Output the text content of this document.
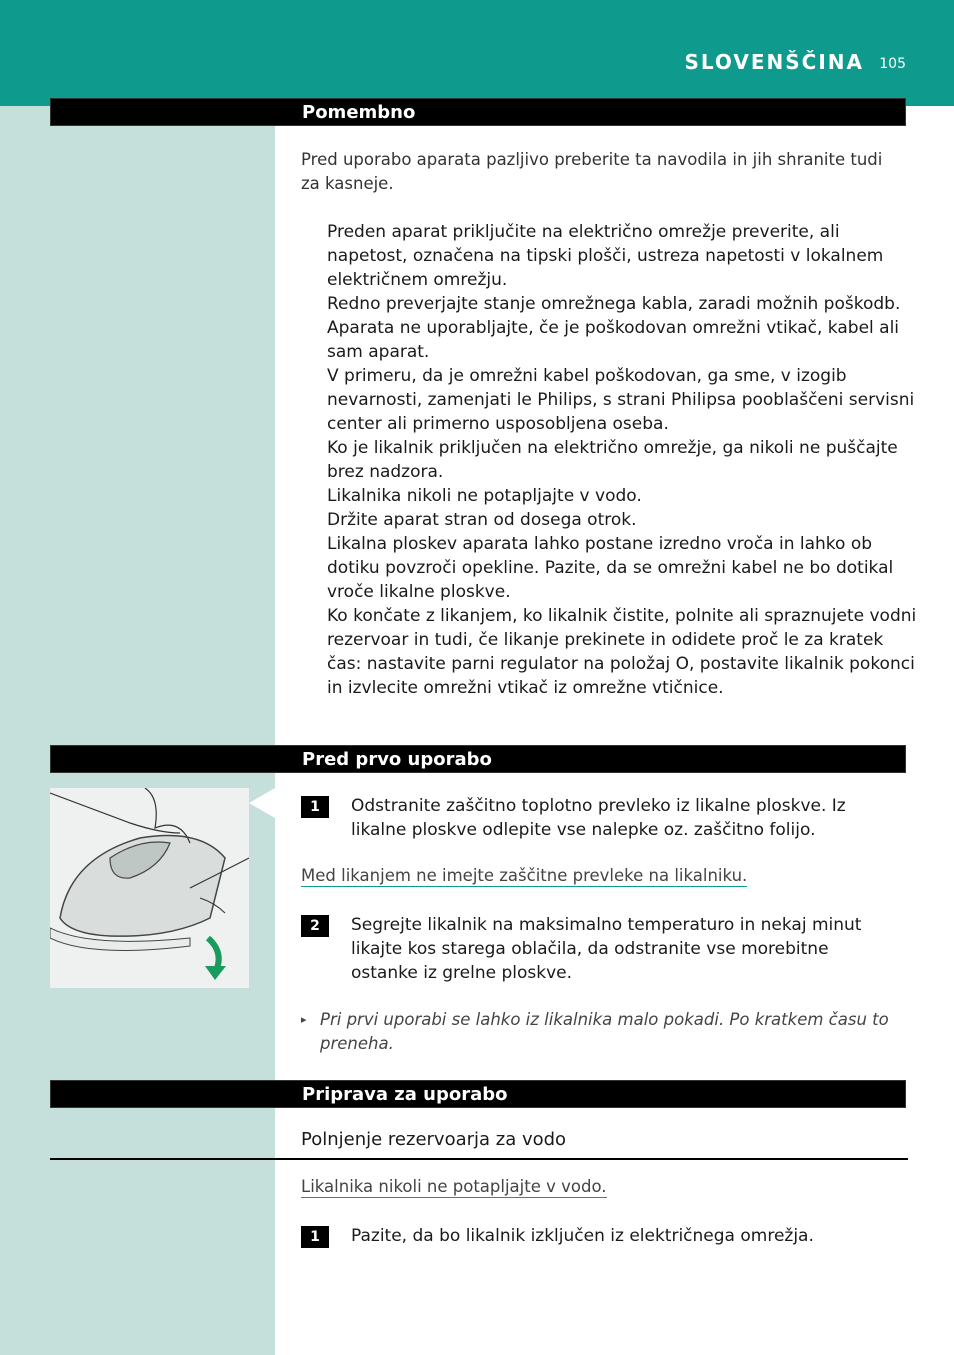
SLOVENŠČINA 105
Pomembno
Pred uporabo aparata pazljivo preberite ta navodila in jih shranite tudi za kasneje.
Preden aparat priključite na električno omrežje preverite, ali napetost, označena na tipski plošči, ustreza napetosti v lokalnem električnem omrežju.
Redno preverjajte stanje omrežnega kabla, zaradi možnih poškodb.
Aparata ne uporabljajte, če je poškodovan omrežni vtikač, kabel ali sam aparat.
V primeru, da je omrežni kabel poškodovan, ga sme, v izogib nevarnosti, zamenjati le Philips, s strani Philipsa pooblaščeni servisni center ali primerno usposobljena oseba.
Ko je likalnik priključen na električno omrežje, ga nikoli ne puščajte brez nadzora.
Likalnika nikoli ne potapljajte v vodo.
Držite aparat stran od dosega otrok.
Likalna ploskev aparata lahko postane izredno vroča in lahko ob dotiku povzroči opekline. Pazite, da se omrežni kabel ne bo dotikal vroče likalne ploskve.
Ko končate z likanjem, ko likalnik čistite, polnite ali spraznujete vodni rezervoar in tudi, če likanje prekinete in odidete proč le za kratek čas: nastavite parni regulator na položaj O, postavite likalnik pokonci in izvlecite omrežni vtikač iz omrežne vtičnice.
Pred prvo uporabo
1	Odstranite zaščitno toplotno prevleko iz likalne ploskve. Iz likalne ploskve odlepite vse nalepke oz. zaščitno folijo.
Med likanjem ne imejte zaščitne prevleke na likalniku.
2	Segrejte likalnik na maksimalno temperaturo in nekaj minut likajte kos starega oblačila, da odstranite vse morebitne ostanke iz grelne ploskve.
▸ Pri prvi uporabi se lahko iz likalnika malo pokadi. Po kratkem času to preneha.
Priprava za uporabo
Polnjenje rezervoarja za vodo
Likalnika nikoli ne potapljajte v vodo.
1	Pazite, da bo likalnik izključen iz električnega omrežja.
